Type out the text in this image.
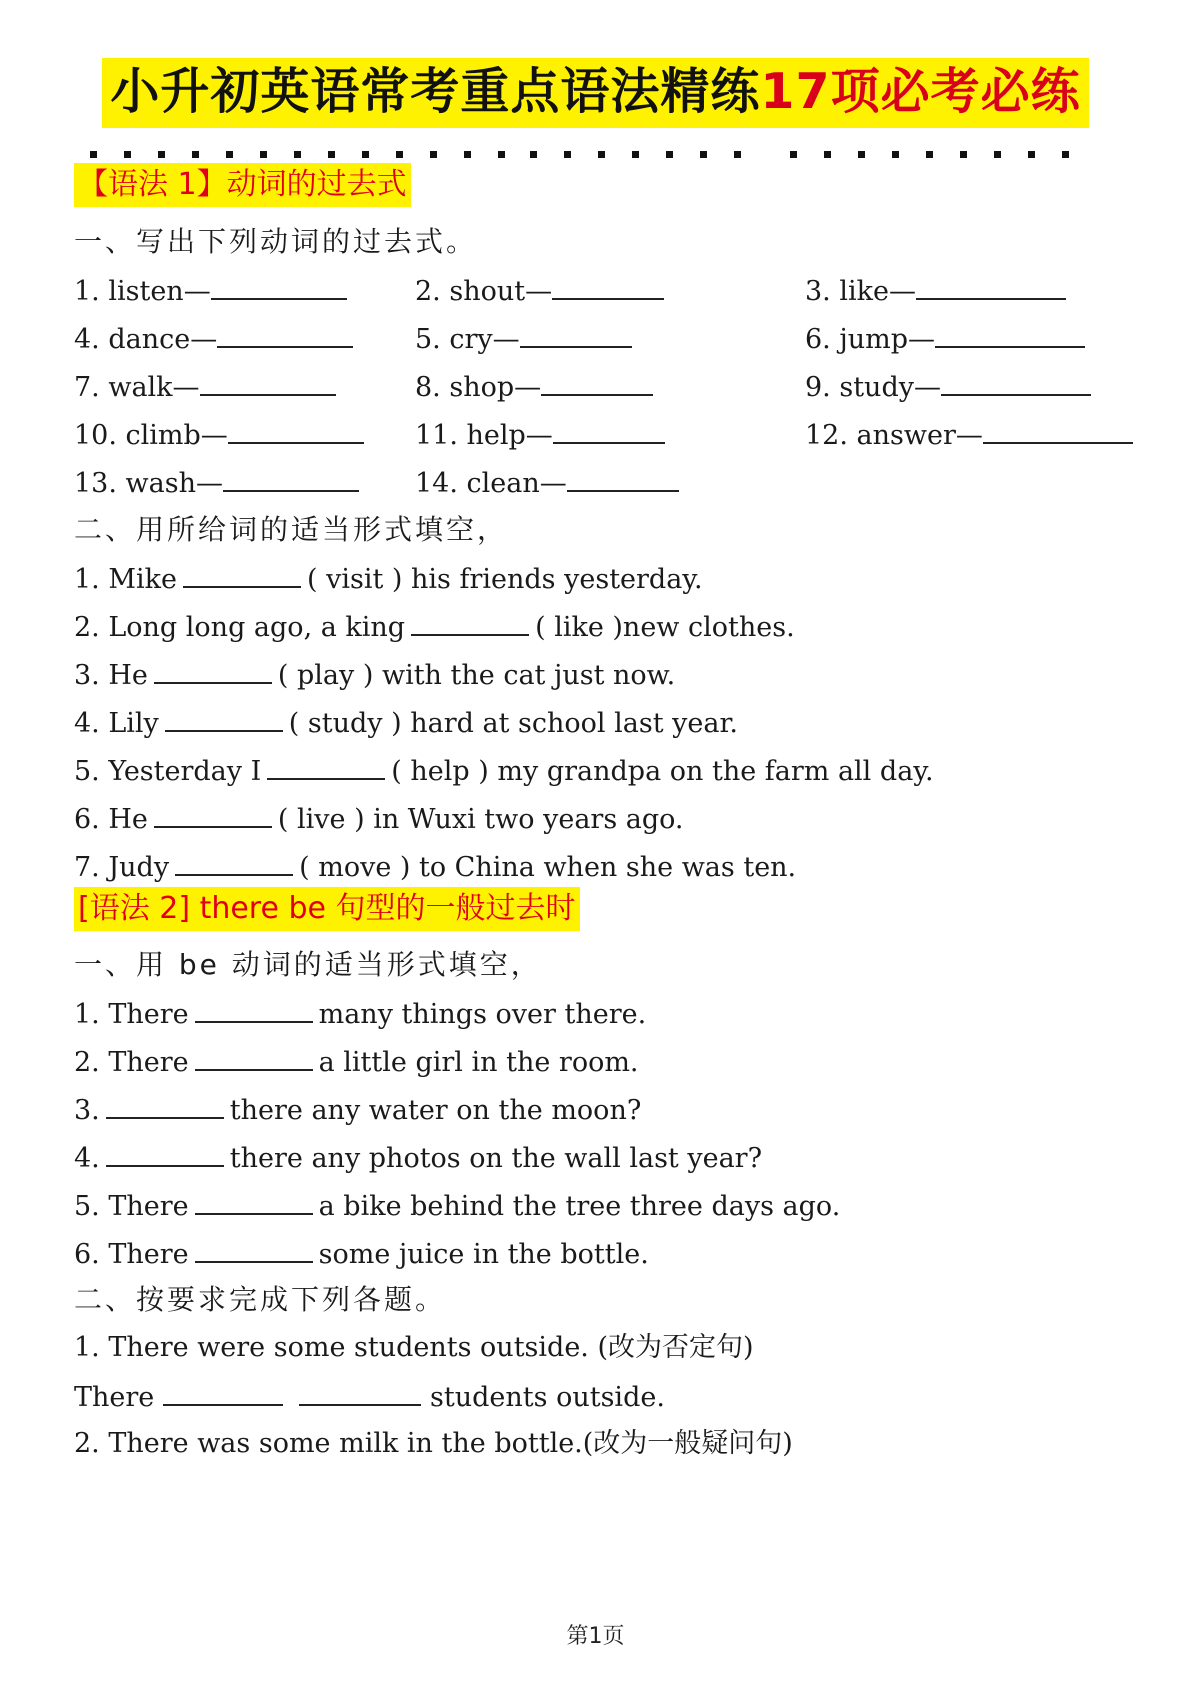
小升初英语常考重点语法精练17项必考必练
【语法 1】动词的过去式
一、写出下列动词的过去式。
1. listen—	2. shout—	3. like—
4. dance—	5. cry—	6. jump—
7. walk—	8. shop—	9. study—
10. climb—	11. help—	12. answer—
13. wash—	14. clean—
二、用所给词的适当形式填空，
1. Mike	( visit ) his friends yesterday.
2. Long long ago, a king	( like )new clothes.
3. He	( play ) with the cat just now.
4. Lily	( study ) hard at school last year.
5. Yesterday I	( help ) my grandpa on the farm all day.
6. He	( live ) in Wuxi two years ago.
7. Judy	( move ) to China when she was ten.
[语法 2] there be 句型的一般过去时
一、用 be 动词的适当形式填空，
1. There	many things over there.
2. There	a little girl in the room.
3.	there any water on the moon?
4.	there any photos on the wall last year?
5. There	a bike behind the tree three days ago.
6. There	some juice in the bottle.
二、按要求完成下列各题。
1. There were some students outside. (改为否定句)
There	students outside.
2. There was some milk in the bottle.(改为一般疑问句)
第1页
